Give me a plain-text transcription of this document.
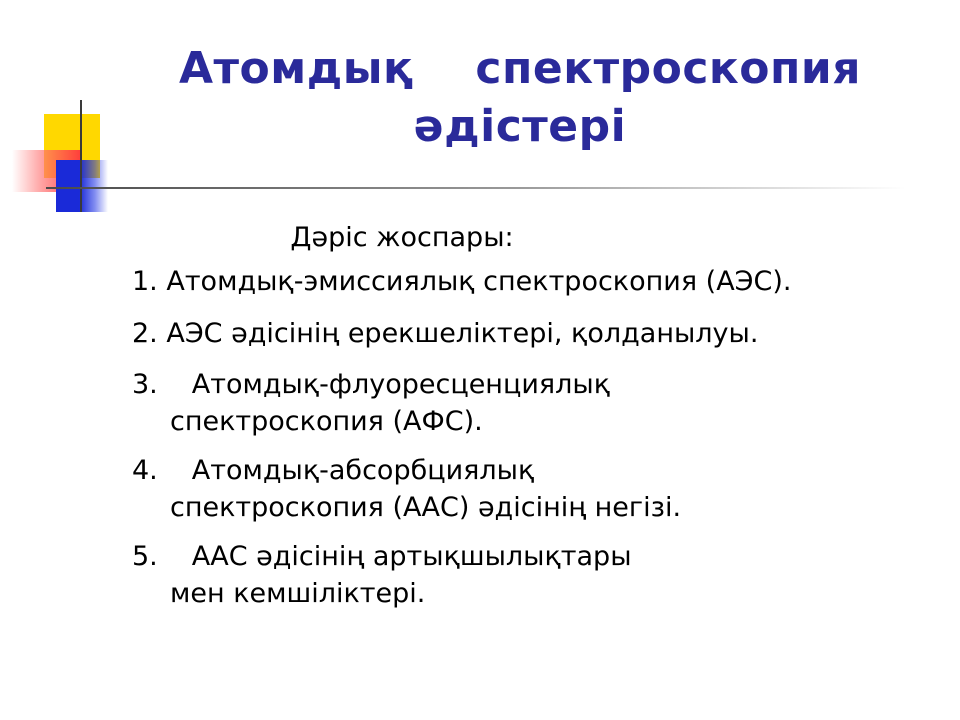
Атомдық спектроскопия
әдістері
Дәріс жоспары:
1. Атомдық-эмиссиялық спектроскопия (АЭС).
2. АЭС әдісінің ерекшеліктері, қолданылуы.
3. Атомдық-флуоресценциялық спектроскопия (АФС).
4. Атомдық-абсорбциялық спектроскопия (ААС) әдісінің негізі.
5. ААС әдісінің артықшылықтары мен кемшіліктері.
